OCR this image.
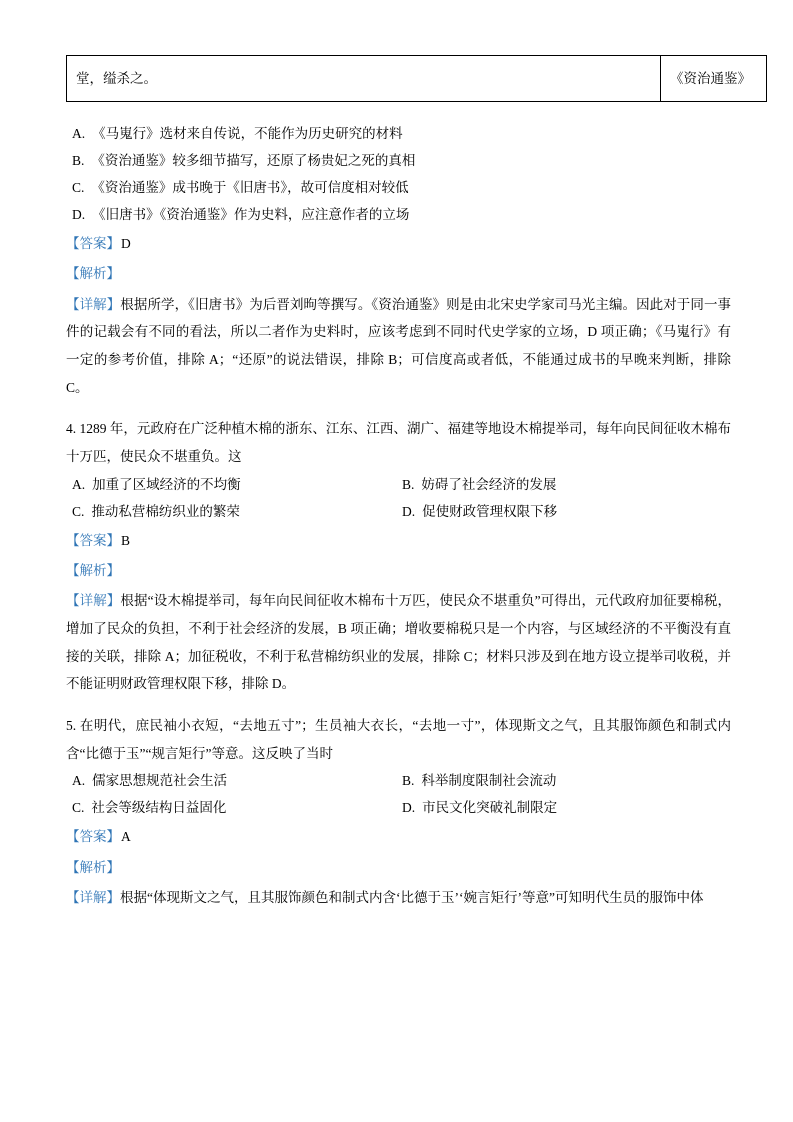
堂，缢杀之。	《资治通鉴》
A. 《马嵬行》选材来自传说，不能作为历史研究的材料
B. 《资治通鉴》较多细节描写，还原了杨贵妃之死的真相
C. 《资治通鉴》成书晚于《旧唐书》，故可信度相对较低
D. 《旧唐书》《资治通鉴》作为史料，应注意作者的立场
【答案】D
【解析】
【详解】根据所学，《旧唐书》为后晋刘昫等撰写。《资治通鉴》则是由北宋史学家司马光主编。因此对于同一事件的记载会有不同的看法，所以二者作为史料时，应该考虑到不同时代史学家的立场，D 项正确；《马嵬行》有一定的参考价值，排除 A；“还原”的说法错误，排除 B；可信度高或者低，不能通过成书的早晚来判断，排除 C。
4. 1289 年，元政府在广泛种植木棉的浙东、江东、江西、湖广、福建等地设木棉提举司，每年向民间征收木棉布十万匹，使民众不堪重负。这
A. 加重了区域经济的不均衡	B. 妨碍了社会经济的发展
C. 推动私营棉纺织业的繁荣	D. 促使财政管理权限下移
【答案】B
【解析】
【详解】根据“设木棉提举司，每年向民间征收木棉布十万匹，使民众不堪重负”可得出，元代政府加征要棉税，增加了民众的负担，不利于社会经济的发展，B 项正确；增收要棉税只是一个内容，与区域经济的不平衡没有直接的关联，排除 A；加征税收，不利于私营棉纺织业的发展，排除 C；材料只涉及到在地方设立提举司收税，并不能证明财政管理权限下移，排除 D。
5. 在明代，庶民袖小衣短，“去地五寸”；生员袖大衣长，“去地一寸”，体现斯文之气，且其服饰颜色和制式内含“比德于玉”“规言矩行”等意。这反映了当时
A. 儒家思想规范社会生活	B. 科举制度限制社会流动
C. 社会等级结构日益固化	D. 市民文化突破礼制限定
【答案】A
【解析】
【详解】根据“体现斯文之气，且其服饰颜色和制式内含‘比德于玉’‘婉言矩行’等意”可知明代生员的服饰中体
